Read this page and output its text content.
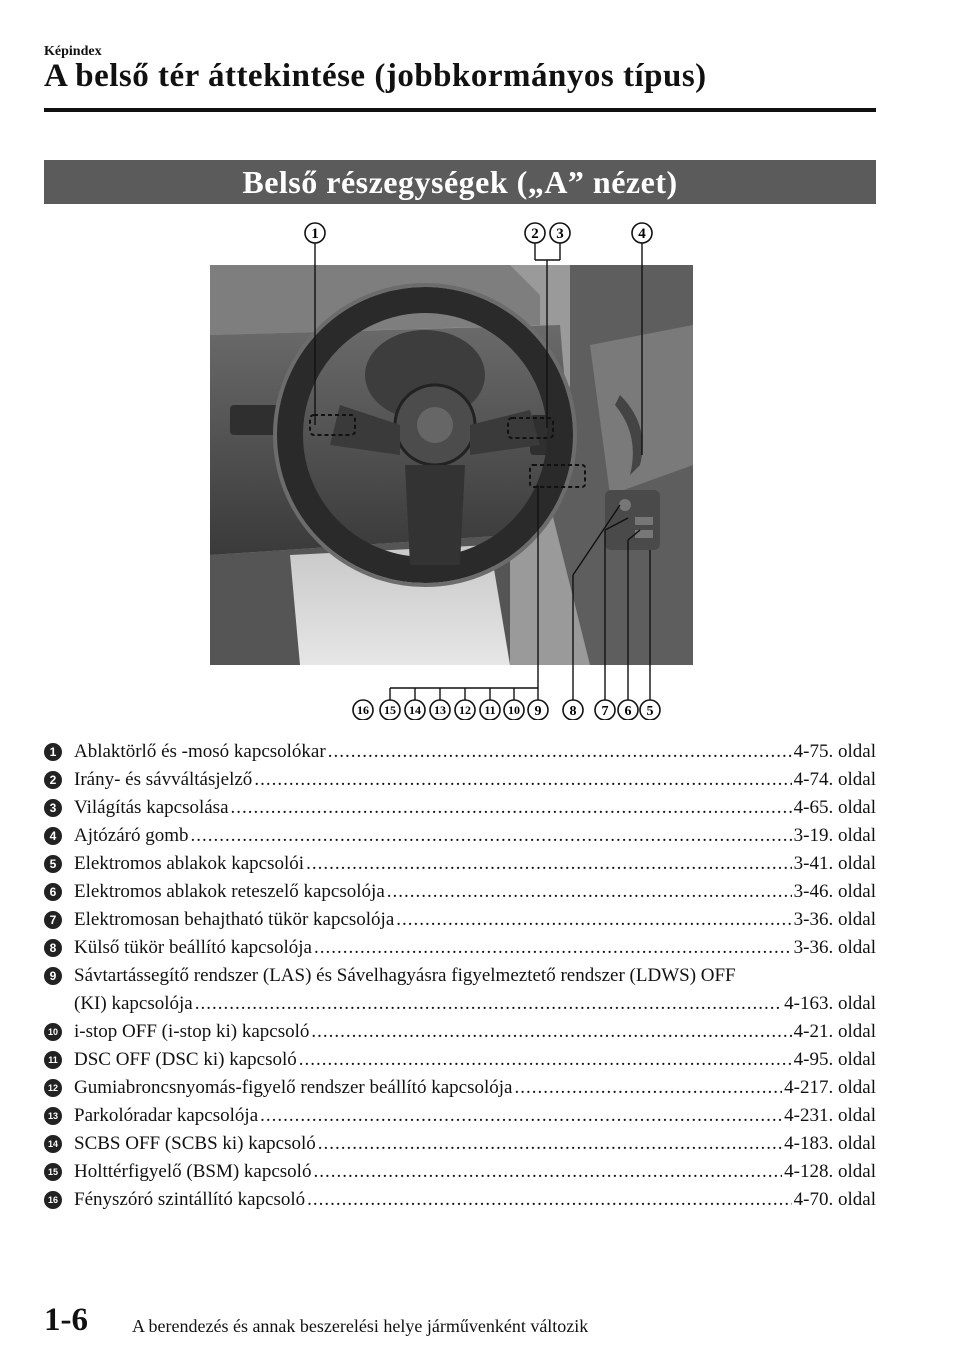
Képindex
A belső tér áttekintése (jobbkormányos típus)
Belső részegységek („A” nézet)
1	2 3	4
16 15 14 13 12 11 10 9 8 7 6 5
1 Ablaktörlő és -mosó kapcsolókar .....	4-75. oldal
2 Irány- és sávváltásjelző .....	4-74. oldal
3 Világítás kapcsolása .....	4-65. oldal
4 Ajtózáró gomb .....	3-19. oldal
5 Elektromos ablakok kapcsolói .....	3-41. oldal
6 Elektromos ablakok reteszelő kapcsolója .....	3-46. oldal
7 Elektromosan behajtható tükör kapcsolója .....	3-36. oldal
8 Külső tükör beállító kapcsolója .....	3-36. oldal
9 Sávtartássegítő rendszer (LAS) és Sávelhagyásra figyelmeztető rendszer (LDWS) OFF
(KI) kapcsolója .....	4-163. oldal
10 i-stop OFF (i-stop ki) kapcsoló .....	4-21. oldal
11 DSC OFF (DSC ki) kapcsoló .....	4-95. oldal
12 Gumiabroncsnyomás-figyelő rendszer beállító kapcsolója .....	4-217. oldal
13 Parkolóradar kapcsolója .....	4-231. oldal
14 SCBS OFF (SCBS ki) kapcsoló .....	4-183. oldal
15 Holttérfigyelő (BSM) kapcsoló .....	4-128. oldal
16 Fényszóró szintállító kapcsoló .....	4-70. oldal
1-6 A berendezés és annak beszerelési helye járművenként változik
